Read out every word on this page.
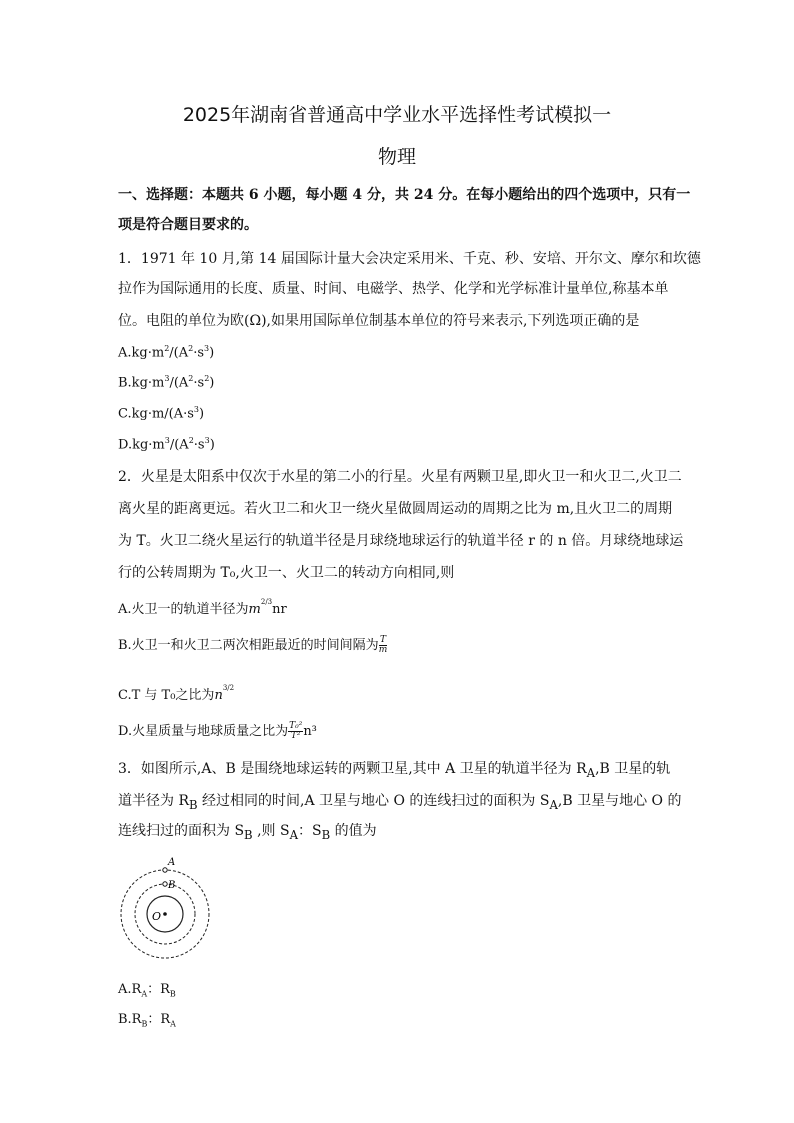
2025年湖南省普通高中学业水平选择性考试模拟一
物理
一、选择题：本题共 6 小题，每小题 4 分，共 24 分。在每小题给出的四个选项中，只有一
项是符合题目要求的。
1．1971 年 10 月,第 14 届国际计量大会决定采用米、千克、秒、安培、开尔文、摩尔和坎德
拉作为国际通用的长度、质量、时间、电磁学、热学、化学和光学标准计量单位,称基本单
位。电阻的单位为欧(Ω),如果用国际单位制基本单位的符号来表示,下列选项正确的是
$A.kg\cdot m^2/(A^2\cdot s^3)$
$B.kg\cdot m^3/(A^2\cdot s^2)$
$C.kg\cdot m/(A\cdot s^3)$
$D.kg\cdot m^3/(A^2\cdot s^3)$
2．火星是太阳系中仅次于水星的第二小的行星。火星有两颗卫星,即火卫一和火卫二,火卫二
离火星的距离更远。若火卫二和火卫一绕火星做圆周运动的周期之比为 m,且火卫二的周期
为 T。火卫二绕火星运行的轨道半径是月球绕地球运行的轨道半径 r 的 n 倍。月球绕地球运
行的公转周期为 T₀,火卫一、火卫二的转动方向相同,则
A.火卫一的轨道半径为$m^{2/3}nr$
B.火卫一和火卫二两次相距最近的时间间隔为 $\frac{T}{m}$
C.T 与 T₀之比为$n^{3/2}$
D.火星质量与地球质量之比为 $\frac{\text{T₀²}}{\text{T²}} n^3$
3．如图所示,A、B 是围绕地球运转的两颗卫星,其中 A 卫星的轨道半径为 $R_A,B$ 卫星的轨
道半径为 $R_B$ 经过相同的时间,A 卫星与地心 O 的连线扫过的面积为 $S_A,B$ 卫星与地心 O 的
连线扫过的面积为 $S_B$ ,则 $S_A$：$S_B$ 的值为
A
B
O
$A.R_A$：$R_B$
$B.R_B$：$R_A$
